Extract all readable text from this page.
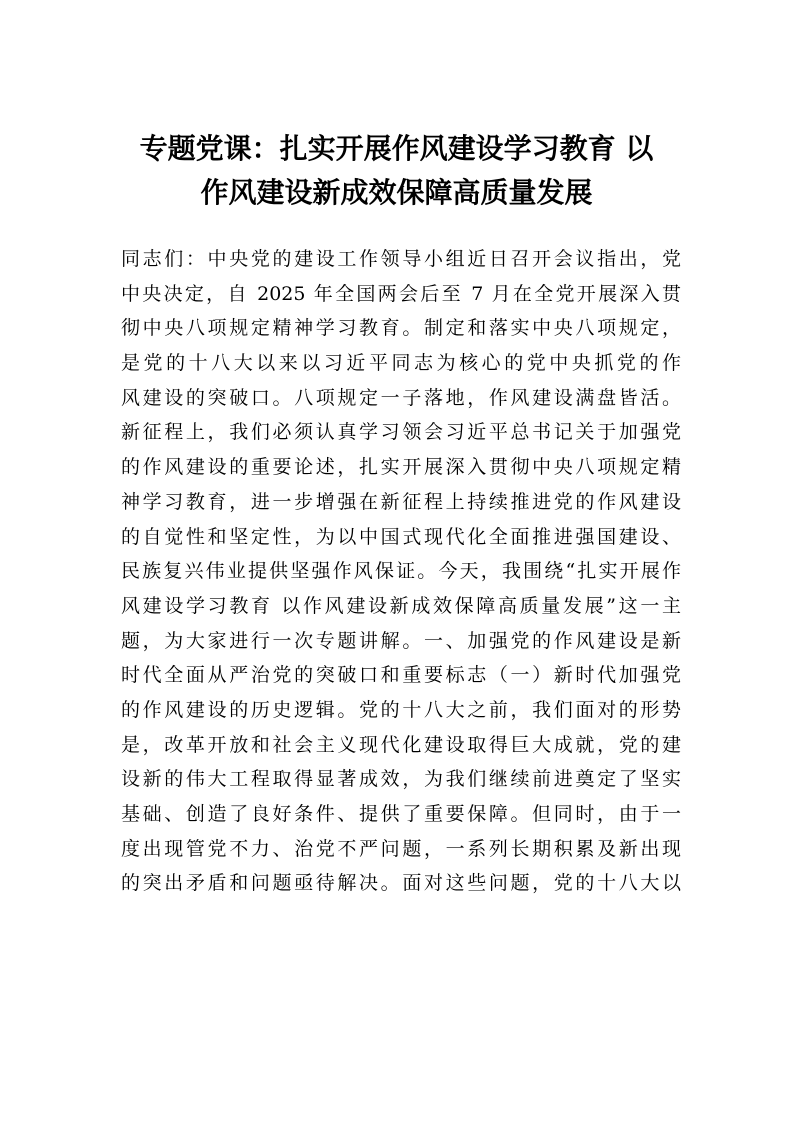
专题党课：扎实开展作风建设学习教育 以
作风建设新成效保障高质量发展
同志们：中央党的建设工作领导小组近日召开会议指出，党
中央决定，自 2025 年全国两会后至 7 月在全党开展深入贯
彻中央八项规定精神学习教育。制定和落实中央八项规定，
是党的十八大以来以习近平同志为核心的党中央抓党的作
风建设的突破口。八项规定一子落地，作风建设满盘皆活。
新征程上，我们必须认真学习领会习近平总书记关于加强党
的作风建设的重要论述，扎实开展深入贯彻中央八项规定精
神学习教育，进一步增强在新征程上持续推进党的作风建设
的自觉性和坚定性，为以中国式现代化全面推进强国建设、
民族复兴伟业提供坚强作风保证。今天，我围绕“扎实开展作
风建设学习教育 以作风建设新成效保障高质量发展”这一主
题，为大家进行一次专题讲解。一、加强党的作风建设是新
时代全面从严治党的突破口和重要标志（一）新时代加强党
的作风建设的历史逻辑。党的十八大之前，我们面对的形势
是，改革开放和社会主义现代化建设取得巨大成就，党的建
设新的伟大工程取得显著成效，为我们继续前进奠定了坚实
基础、创造了良好条件、提供了重要保障。但同时，由于一
度出现管党不力、治党不严问题，一系列长期积累及新出现
的突出矛盾和问题亟待解决。面对这些问题，党的十八大以
